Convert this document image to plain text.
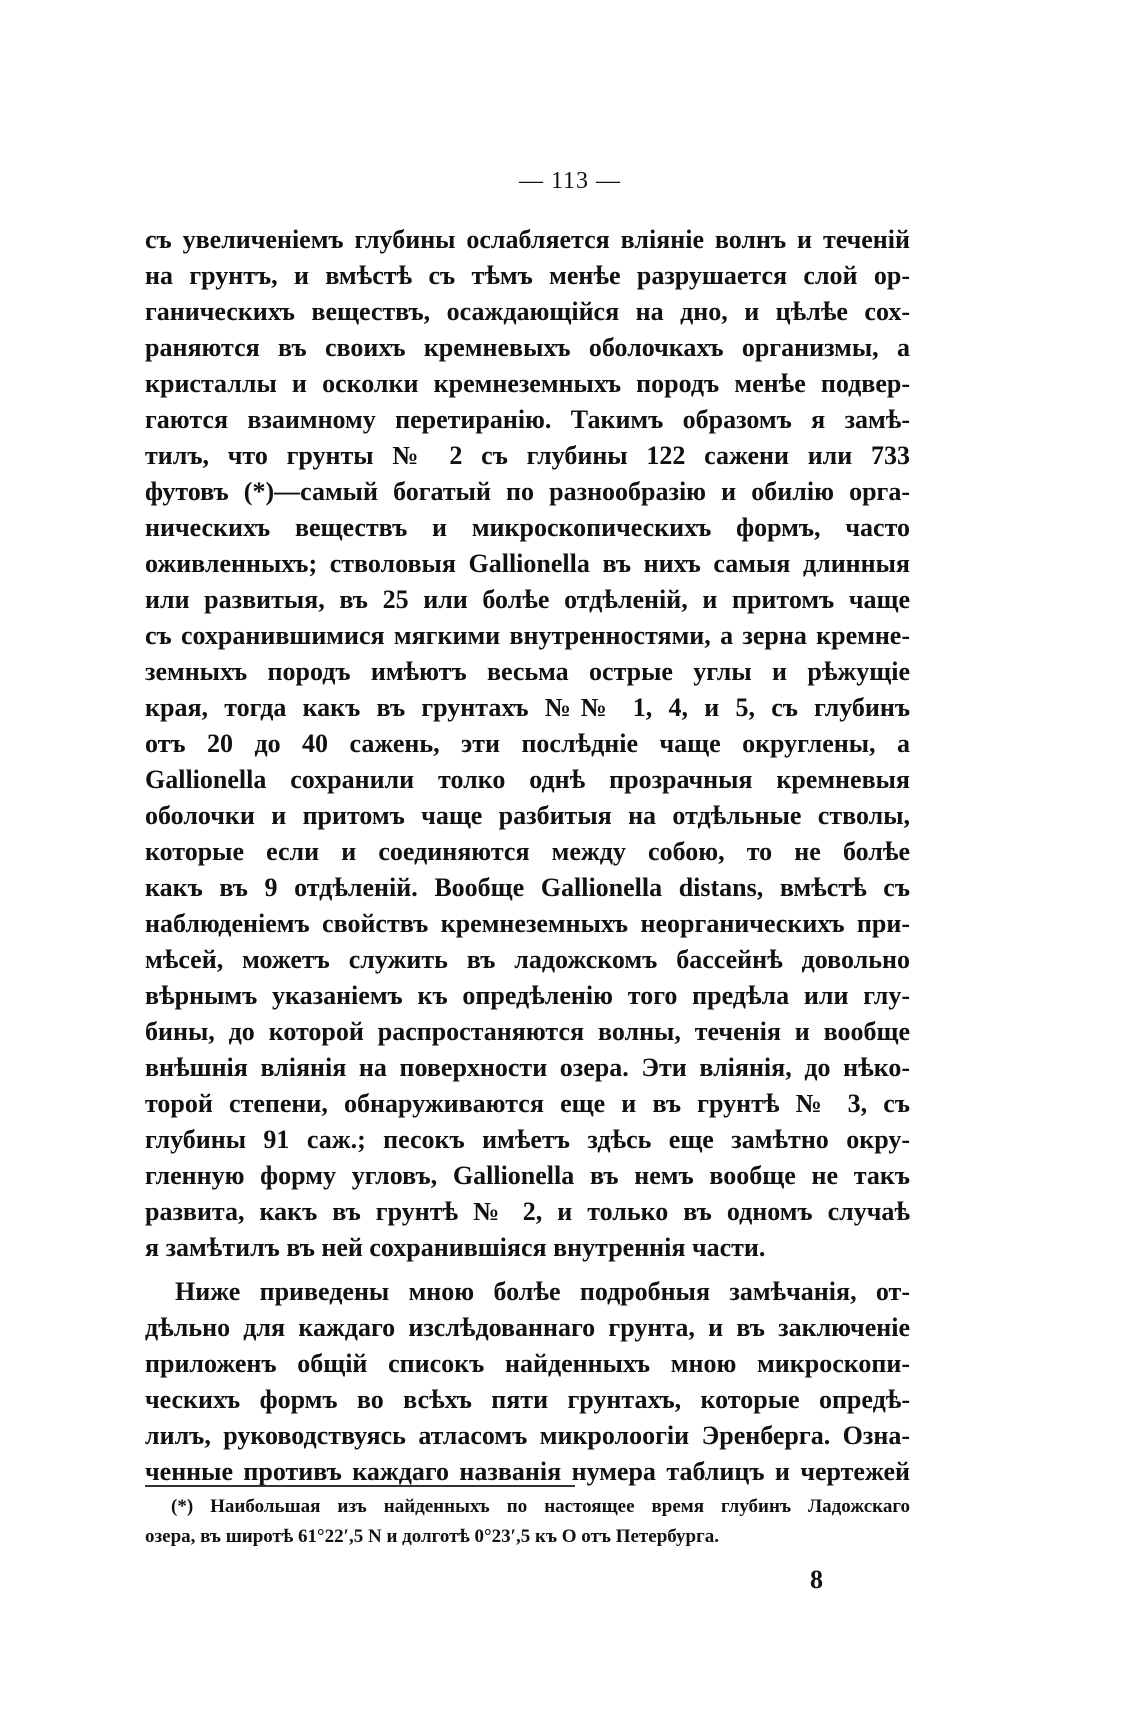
— 113 —
съ увеличеніемъ глубины ослабляется вліяніе волнъ и теченій
на грунтъ, и вмѣстѣ съ тѣмъ менѣе разрушается слой ор-
ганическихъ веществъ, осаждающійся на дно, и цѣлѣе сох-
раняются въ своихъ кремневыхъ оболочкахъ организмы, а
кристаллы и осколки кремнеземныхъ породъ менѣе подвер-
гаются взаимному перетиранію. Такимъ образомъ я замѣ-
тилъ, что грунты № 2 съ глубины 122 сажени или 733
футовъ (*)—самый богатый по разнообразію и обилію орга-
ническихъ веществъ и микроскопическихъ формъ, часто
оживленныхъ; стволовыя Gallionella въ нихъ самыя длинныя
или развитыя, въ 25 или болѣе отдѣленій, и притомъ чаще
съ сохранившимися мягкими внутренностями, а зерна кремне-
земныхъ породъ имѣютъ весьма острые углы и рѣжущіе
края, тогда какъ въ грунтахъ №№ 1, 4, и 5, съ глубинъ
отъ 20 до 40 сажень, эти послѣдніе чаще округлены, а
Gallionella сохранили толко однѣ прозрачныя кремневыя
оболочки и притомъ чаще разбитыя на отдѣльные стволы,
которые если и соединяются между собою, то не болѣе
какъ въ 9 отдѣленій. Вообще Gallionella distans, вмѣстѣ съ
наблюденіемъ свойствъ кремнеземныхъ неорганическихъ при-
мѣсей, можетъ служить въ ладожскомъ бассейнѣ довольно
вѣрнымъ указаніемъ къ опредѣленію того предѣла или глу-
бины, до которой распростаняются волны, теченія и вообще
внѣшнія вліянія на поверхности озера. Эти вліянія, до нѣко-
торой степени, обнаруживаются еще и въ грунтѣ № 3, съ
глубины 91 саж.; песокъ имѣетъ здѣсь еще замѣтно окру-
гленную форму угловъ, Gallionella въ немъ вообще не такъ
развита, какъ въ грунтѣ № 2, и только въ одномъ случаѣ
я замѣтилъ въ ней сохранившіяся внутреннія части.
Ниже приведены мною болѣе подробныя замѣчанія, от-
дѣльно для каждаго изслѣдованнаго грунта, и въ заключеніе
приложенъ общій списокъ найденныхъ мною микроскопи-
ческихъ формъ во всѣхъ пяти грунтахъ, которые опредѣ-
лилъ, руководствуясь атласомъ микролоогіи Эренберга. Озна-
ченные противъ каждаго названія нумера таблицъ и чертежей
(*) Наибольшая изъ найденныхъ по настоящее время глубинъ Ладожскаго
озера, въ широтѣ 61°22′,5 N и долготѣ 0°23′,5 къ О отъ Петербурга.
8
